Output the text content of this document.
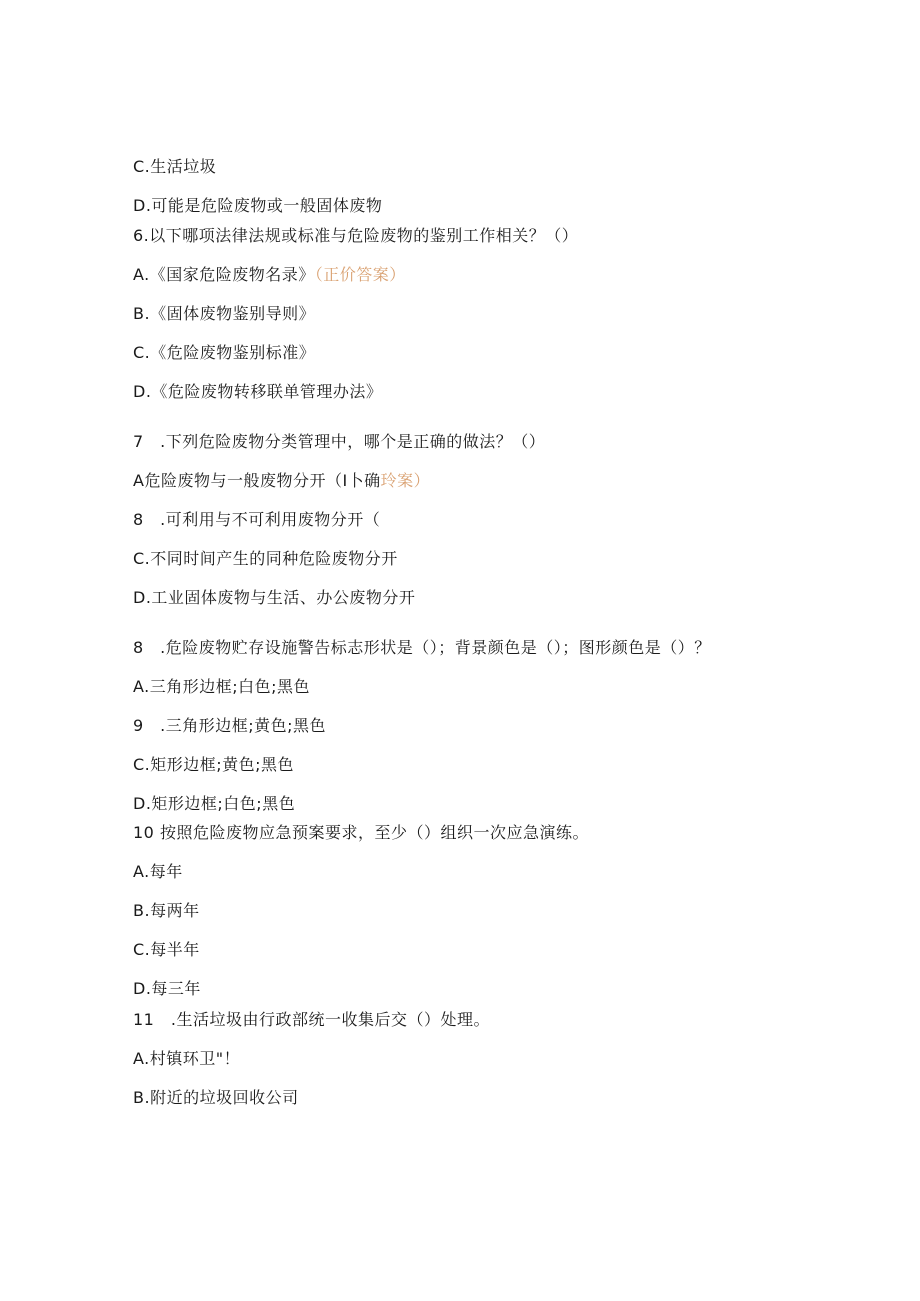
C.生活垃圾
D.可能是危险废物或一般固体废物
6.以下哪项法律法规或标准与危险废物的鉴别工作相关？（）
A.《国家危险废物名录》（正价答案）
B.《固体废物鉴别导则》
C.《危险废物鉴别标准》
D.《危险废物转移联单管理办法》
7　.下列危险废物分类管理中，哪个是正确的做法？（）
A危险废物与一般废物分开（I卜确玲案）
8　.可利用与不可利用废物分开（
C.不同时间产生的同种危险废物分开
D.工业固体废物与生活、办公废物分开
8　.危险废物贮存设施警告标志形状是（）；背景颜色是（）；图形颜色是（）？
A.三角形边框;白色;黑色
9　.三角形边框;黄色;黑色
C.矩形边框;黄色;黑色
D.矩形边框;白色;黑色
10 按照危险废物应急预案要求，至少（）组织一次应急演练。
A.每年
B.每两年
C.每半年
D.每三年
11　.生活垃圾由行政部统一收集后交（）处理。
A.村镇环卫"！
B.附近的垃圾回收公司
